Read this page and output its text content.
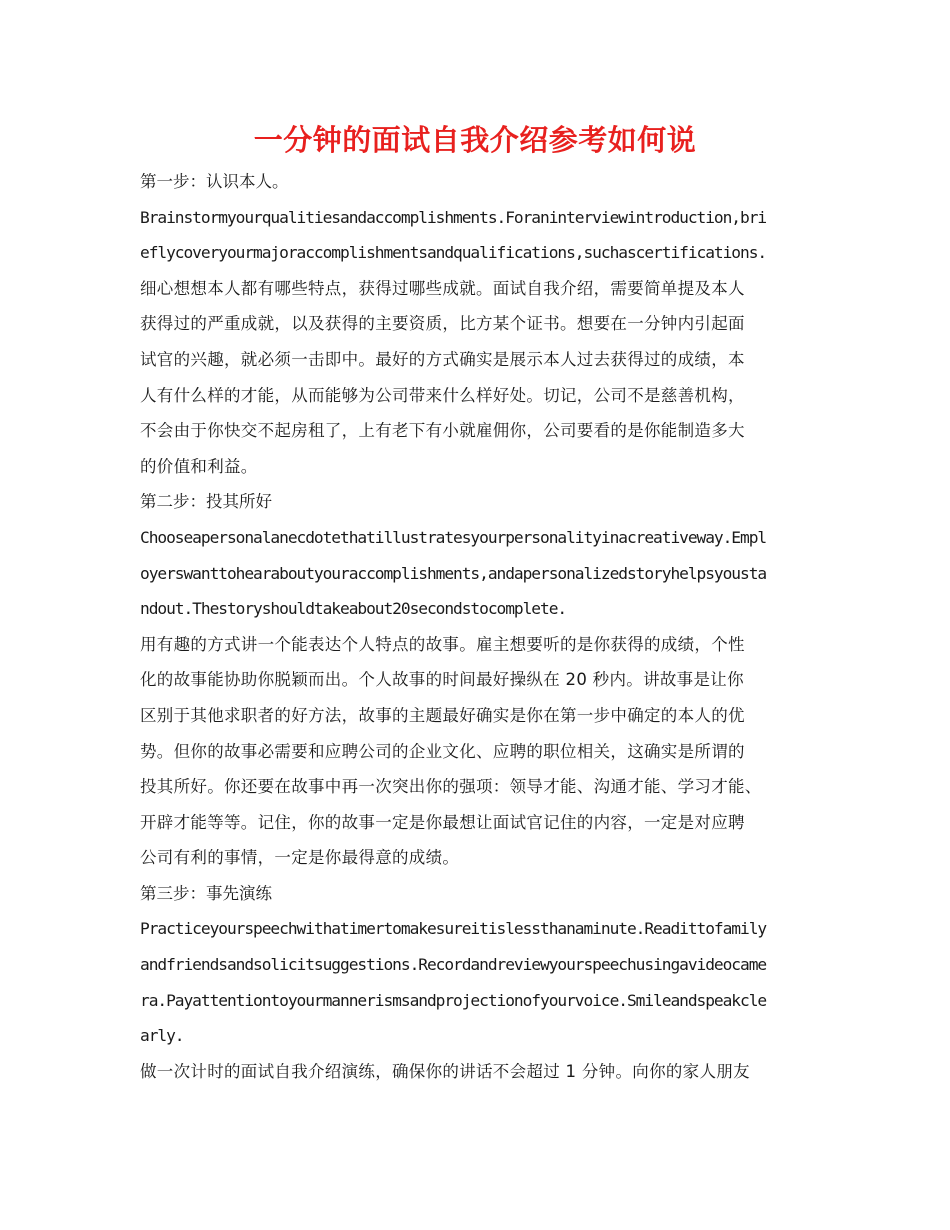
一分钟的面试自我介绍参考如何说
第一步：认识本人。
Brainstormyourqualitiesandaccomplishments.Foraninterviewintroduction,bri
eflycoveryourmajoraccomplishmentsandqualifications,suchascertifications.
细心想想本人都有哪些特点，获得过哪些成就。面试自我介绍，需要简单提及本人
获得过的严重成就，以及获得的主要资质，比方某个证书。想要在一分钟内引起面
试官的兴趣，就必须一击即中。最好的方式确实是展示本人过去获得过的成绩，本
人有什么样的才能，从而能够为公司带来什么样好处。切记，公司不是慈善机构，
不会由于你快交不起房租了，上有老下有小就雇佣你，公司要看的是你能制造多大
的价值和利益。
第二步：投其所好
Chooseapersonalanecdotethatillustratesyourpersonalityinacreativeway.Empl
oyerswanttohearaboutyouraccomplishments,andapersonalizedstoryhelpsyousta
ndout.Thestoryshouldtakeabout20secondstocomplete.
用有趣的方式讲一个能表达个人特点的故事。雇主想要听的是你获得的成绩，个性
化的故事能协助你脱颖而出。个人故事的时间最好操纵在 20 秒内。讲故事是让你
区别于其他求职者的好方法，故事的主题最好确实是你在第一步中确定的本人的优
势。但你的故事必需要和应聘公司的企业文化、应聘的职位相关，这确实是所谓的
投其所好。你还要在故事中再一次突出你的强项：领导才能、沟通才能、学习才能、
开辟才能等等。记住，你的故事一定是你最想让面试官记住的内容，一定是对应聘
公司有利的事情，一定是你最得意的成绩。
第三步：事先演练
Practiceyourspeechwithatimertomakesureitislessthanaminute.Readittofamily
andfriendsandsolicitsuggestions.Recordandreviewyourspeechusingavideocame
ra.Payattentiontoyourmannerismsandprojectionofyourvoice.Smileandspeakcle
arly.
做一次计时的面试自我介绍演练，确保你的讲话不会超过 1 分钟。向你的家人朋友
